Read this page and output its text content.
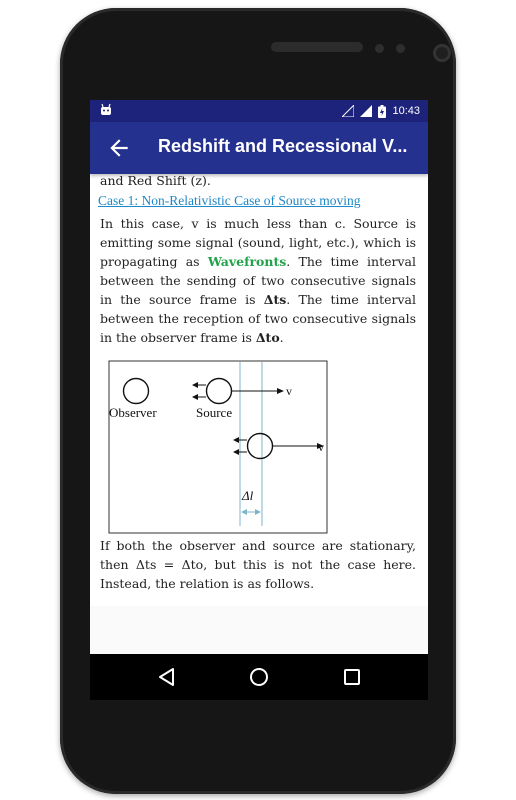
10:43
Redshift and Recessional V...
and Red Shift (z).
Case 1: Non-Relativistic Case of Source moving
In this case, v is much less than c. Source is emitting some signal (sound, light, etc.), which is propagating as Wavefronts. The time interval between the sending of two consecutive signals in the source frame is Δts. The time interval between the reception of two consecutive signals in the observer frame is Δto.
Observer	Source
v
v
Δl
If both the observer and source are stationary, then Δts = Δto, but this is not the case here. Instead, the relation is as follows.
